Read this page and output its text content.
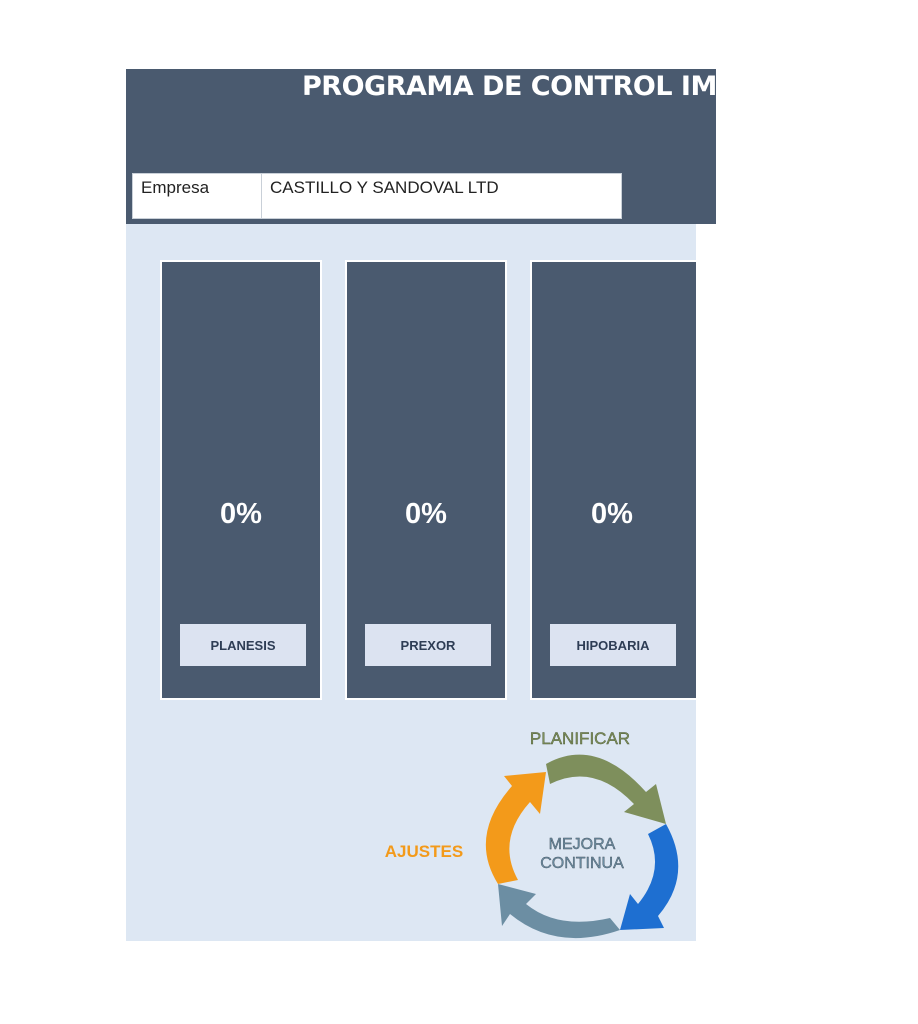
PROGRAMA DE CONTROL IMPLEMENTADO
Empresa	CASTILLO Y SANDOVAL LTD
0%
PLANESIS
0%
PREXOR
0%
HIPOBARIA
PLANIFICAR
AJUSTES	MEJORA
CONTINUA
